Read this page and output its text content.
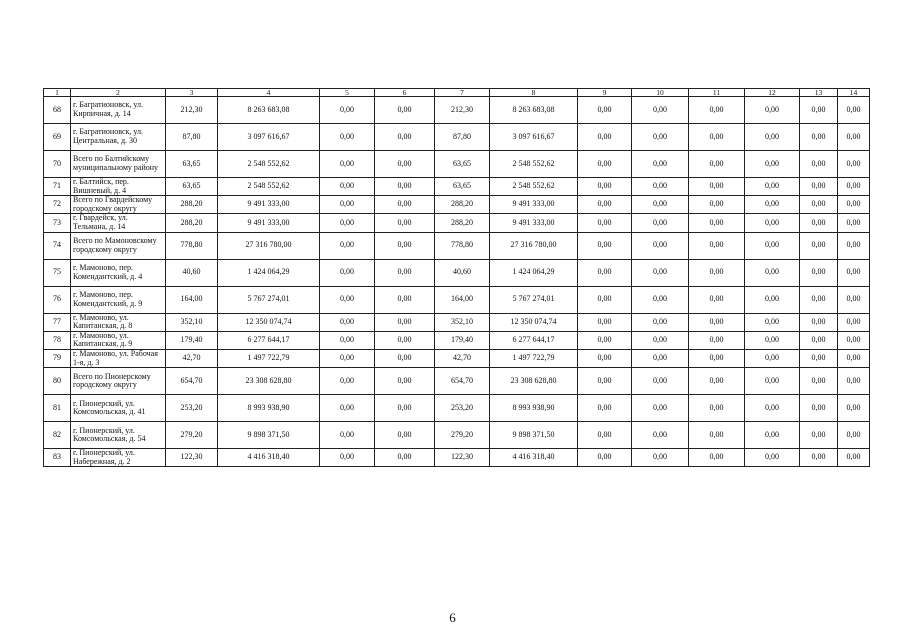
1	2	3	4	5	6	7	8	9	10	11	12	13	14
68	г. Багратионовск, ул. Кирпичная, д. 14	212,30	8 263 683,08	0,00	0,00	212,30	8 263 683,08	0,00	0,00	0,00	0,00	0,00	0,00
69	г. Багратионовск, ул. Центральная, д. 30	87,80	3 097 616,67	0,00	0,00	87,80	3 097 616,67	0,00	0,00	0,00	0,00	0,00	0,00
70	Всего по Балтийскому муниципальному району	63,65	2 548 552,62	0,00	0,00	63,65	2 548 552,62	0,00	0,00	0,00	0,00	0,00	0,00
71	г. Балтийск, пер. Вишневый, д. 4	63,65	2 548 552,62	0,00	0,00	63,65	2 548 552,62	0,00	0,00	0,00	0,00	0,00	0,00
72	Всего по Гвардейскому городскому округу	288,20	9 491 333,00	0,00	0,00	288,20	9 491 333,00	0,00	0,00	0,00	0,00	0,00	0,00
73	г. Гвардейск, ул. Тельмана, д. 14	288,20	9 491 333,00	0,00	0,00	288,20	9 491 333,00	0,00	0,00	0,00	0,00	0,00	0,00
74	Всего по Мамоновскому городскому округу	778,80	27 316 780,00	0,00	0,00	778,80	27 316 780,00	0,00	0,00	0,00	0,00	0,00	0,00
75	г. Мамоново, пер. Комендантский, д. 4	40,60	1 424 064,29	0,00	0,00	40,60	1 424 064,29	0,00	0,00	0,00	0,00	0,00	0,00
76	г. Мамоново, пер. Комендантский, д. 9	164,00	5 767 274,01	0,00	0,00	164,00	5 767 274,01	0,00	0,00	0,00	0,00	0,00	0,00
77	г. Мамоново, ул. Капитанская, д. 8	352,10	12 350 074,74	0,00	0,00	352,10	12 350 074,74	0,00	0,00	0,00	0,00	0,00	0,00
78	г. Мамоново, ул. Капитанская, д. 9	179,40	6 277 644,17	0,00	0,00	179,40	6 277 644,17	0,00	0,00	0,00	0,00	0,00	0,00
79	г. Мамоново, ул. Рабочая 1-я, д. 3	42,70	1 497 722,79	0,00	0,00	42,70	1 497 722,79	0,00	0,00	0,00	0,00	0,00	0,00
80	Всего по Пионерскому городскому округу	654,70	23 308 628,80	0,00	0,00	654,70	23 308 628,80	0,00	0,00	0,00	0,00	0,00	0,00
81	г. Пионерский, ул. Комсомольская, д. 41	253,20	8 993 938,90	0,00	0,00	253,20	8 993 938,90	0,00	0,00	0,00	0,00	0,00	0,00
82	г. Пионерский, ул. Комсомольская, д. 54	279,20	9 898 371,50	0,00	0,00	279,20	9 898 371,50	0,00	0,00	0,00	0,00	0,00	0,00
83	г. Пионерский, ул. Набережная, д. 2	122,30	4 416 318,40	0,00	0,00	122,30	4 416 318,40	0,00	0,00	0,00	0,00	0,00	0,00
6
